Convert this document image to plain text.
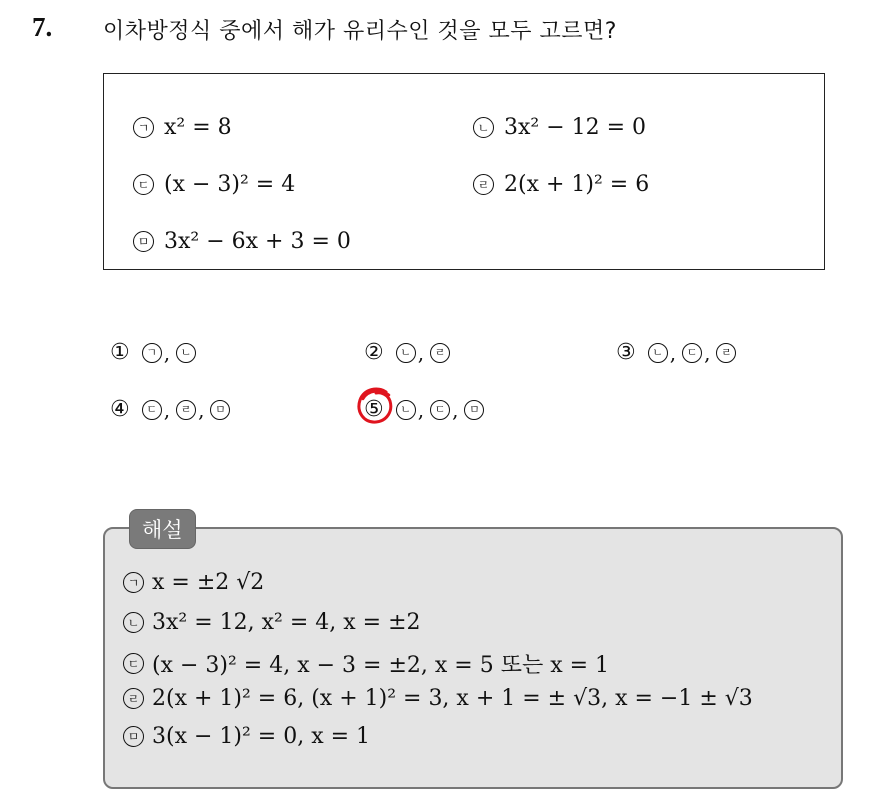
7. 이차방정식 중에서 해가 유리수인 것을 모두 고르면?
ㄱ x² = 8	ㄴ 3x² − 12 = 0
ㄷ (x − 3)² = 4	ㄹ 2(x + 1)² = 6
ㅁ 3x² − 6x + 3 = 0
①	ㄱ , ㄴ	②	ㄴ , ㄹ	③	ㄴ , ㄷ , ㄹ
④	ㄷ , ㄹ , ㅁ	⑤	ㄴ , ㄷ , ㅁ
해설
ㄱ x = ±2 √2
ㄴ 3x² = 12, x² = 4, x = ±2
ㄷ (x − 3)² = 4, x − 3 = ±2, x = 5 또는 x = 1
ㄹ 2(x + 1)² = 6, (x + 1)² = 3, x + 1 = ± √3, x = −1 ± √3
ㅁ 3(x − 1)² = 0, x = 1
